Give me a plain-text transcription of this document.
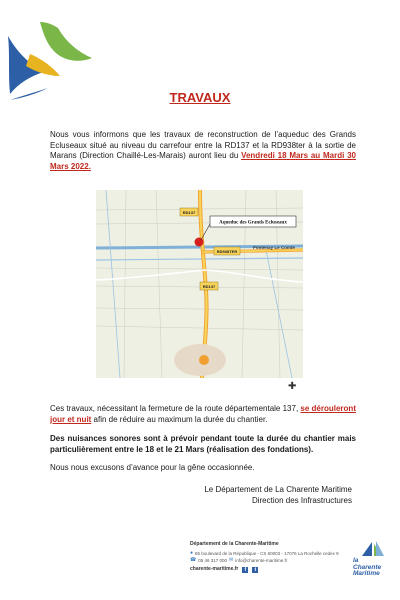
TRAVAUX
Nous vous informons que les travaux de reconstruction de l’aqueduc des Grands Ecluseaux situé au niveau du carrefour entre la RD137 et la RD938ter à la sortie de Marans (Direction Chaillé-Les-Marais) auront lieu du Vendredi 18 Mars au Mardi 30 Mars 2022.
Aqueduc des Grands Ecluseaux
RD137
RD938TER
RD137
Fontenay Le Comte
✚
Ces travaux, nécessitant la fermeture de la route départementale 137, se dérouleront jour et nuit afin de réduire au maximum la durée du chantier.
Des nuisances sonores sont à prévoir pendant toute la durée du chantier mais particulièrement entre le 18 et le 21 Mars (réalisation des fondations).
Nous nous excusons d’avance pour la gêne occasionnée.
Le Département de La Charente Maritime
Direction des Infrastructures
Département de la Charente-Maritime
● 85 boulevard de la République - CS 60003 - 17076 La Rochelle cedex 9
☎ 05 46 317 000 ✉ info@charente-maritime.fr
charente-maritime.fr	f	t
la
Charente
Maritime
